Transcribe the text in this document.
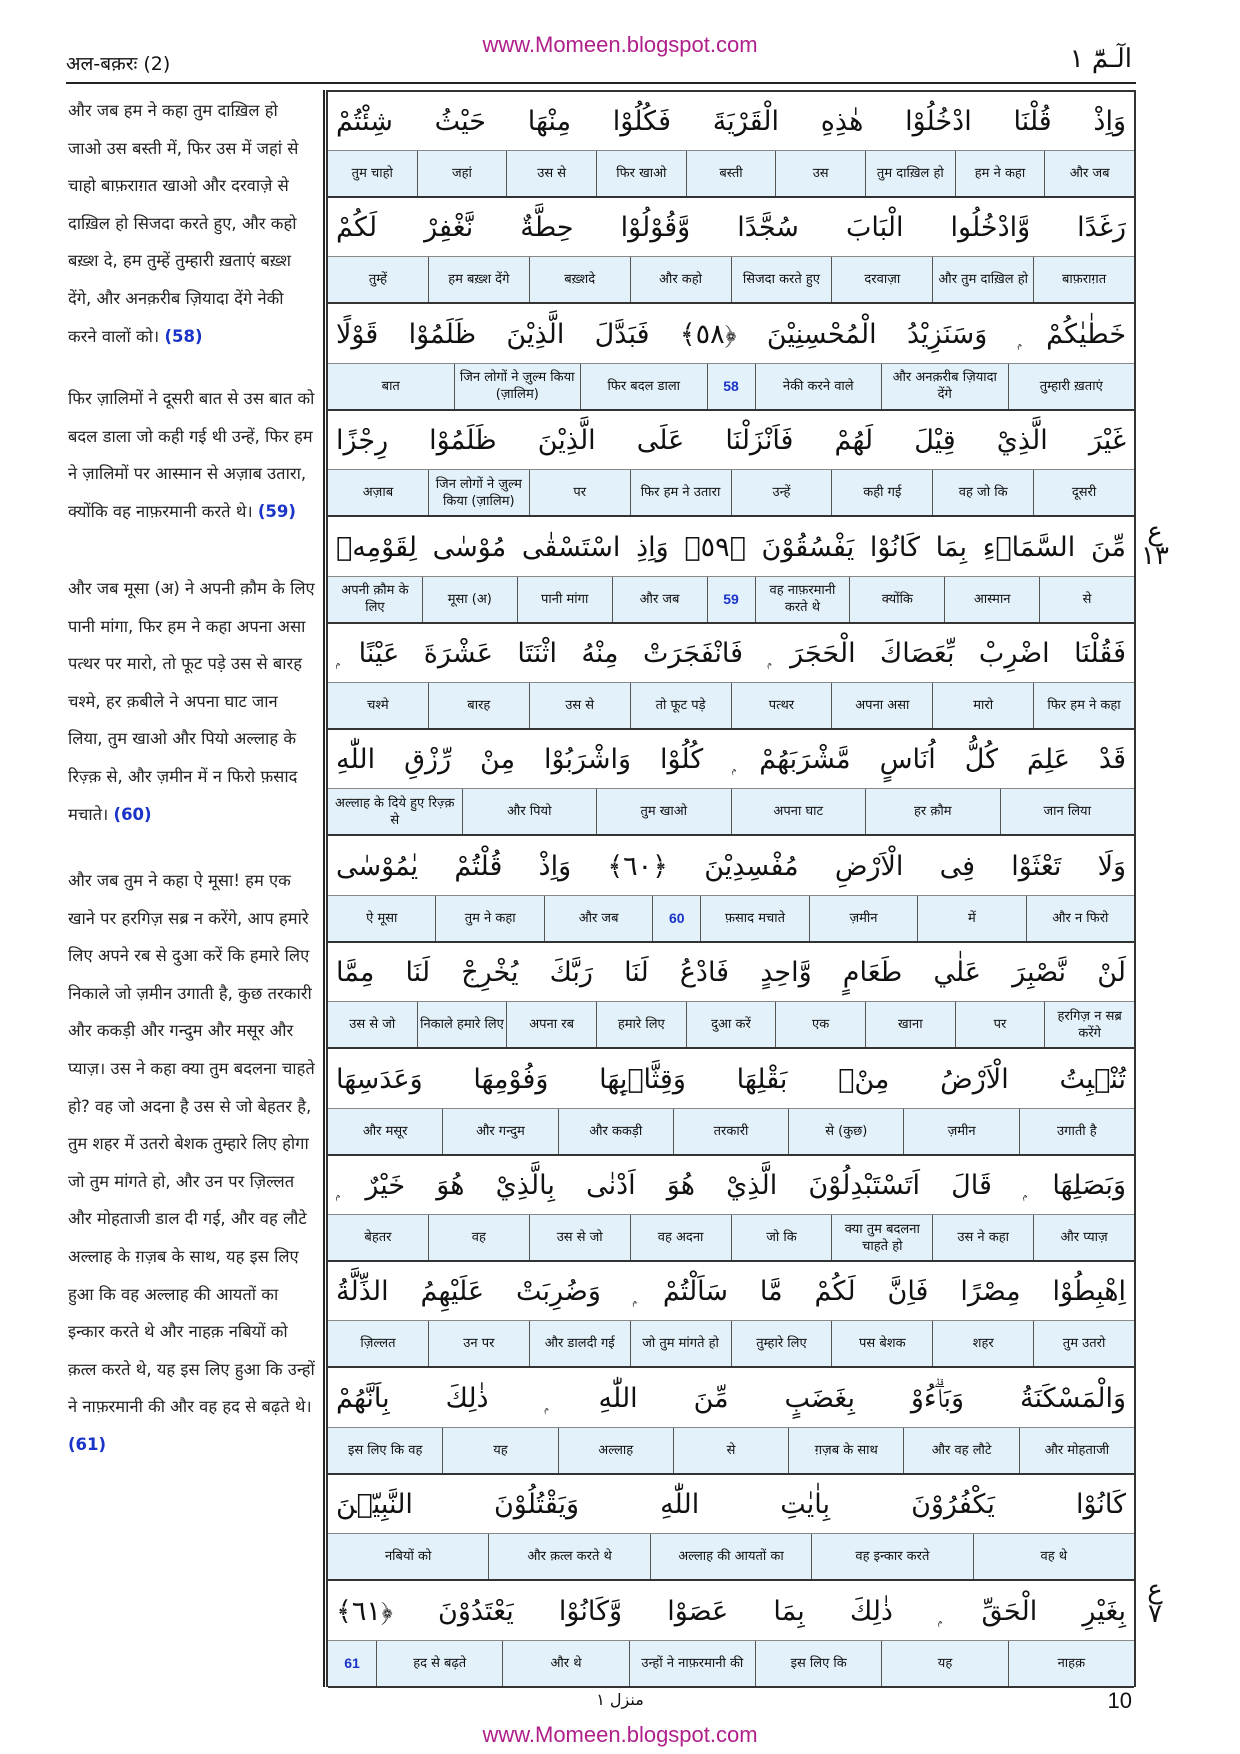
www.Momeen.blogspot.com
अल-बक़रः (2)	الٓـمّٓ ۱
और जब हम ने कहा तुम दाख़िल हो जाओ उस बस्ती में, फिर उस में जहां से चाहो बाफ़राग़त खाओ और दरवाज़े से दाख़िल हो सिजदा करते हुए, और कहो बख़्श दे, हम तुम्हें तुम्हारी ख़ताएं बख़्श देंगे, और अनक़रीब ज़ियादा देंगे नेकी करने वालों को। (58)
फिर ज़ालिमों ने दूसरी बात से उस बात को बदल डाला जो कही गई थी उन्हें, फिर हम ने ज़ालिमों पर आस्मान से अज़ाब उतारा, क्योंकि वह नाफ़रमानी करते थे। (59)
और जब मूसा (अ) ने अपनी क़ौम के लिए पानी मांगा, फिर हम ने कहा अपना असा पत्थर पर मारो, तो फूट पड़े उस से बारह चश्मे, हर क़बीले ने अपना घाट जान लिया, तुम खाओ और पियो अल्लाह के रिज़्क़ से, और ज़मीन में न फिरो फ़साद मचाते। (60)
और जब तुम ने कहा ऐ मूसा! हम एक खाने पर हरगिज़ सब्र न करेंगे, आप हमारे लिए अपने रब से दुआ करें कि हमारे लिए निकाले जो ज़मीन उगाती है, कुछ तरकारी और ककड़ी और गन्दुम और मसूर और प्याज़। उस ने कहा क्या तुम बदलना चाहते हो? वह जो अदना है उस से जो बेहतर है, तुम शहर में उतरो बेशक तुम्हारे लिए होगा जो तुम मांगते हो, और उन पर ज़िल्लत और मोहताजी डाल दी गई, और वह लौटे अल्लाह के ग़ज़ब के साथ, यह इस लिए हुआ कि वह अल्लाह की आयतों का इन्कार करते थे और नाहक़ नबियों को क़त्ल करते थे, यह इस लिए हुआ कि उन्हों ने नाफ़रमानी की और वह हद से बढ़ते थे। (61)
وَاِذْ قُلْنَا ادْخُلُوْا هٰذِهِ الْقَرْيَةَ فَكُلُوْا مِنْهَا حَيْثُ شِئْتُمْ
और जब
हम ने कहा
तुम दाख़िल हो
उस
बस्ती
फिर खाओ
उस से
जहां
तुम चाहो
رَغَدًا وَّادْخُلُوا الْبَابَ سُجَّدًا وَّقُوْلُوْا حِطَّةٌ نَّغْفِرْ لَكُمْ
बाफ़राग़त
और तुम दाख़िल हो
दरवाज़ा
सिजदा करते हुए
और कहो
बख़्शदे
हम बख़्श देंगे
तुम्हें
خَطٰيٰكُمْ ۭ وَسَنَزِيْدُ الْمُحْسِنِيْنَ ﴿٥٨﴾ فَبَدَّلَ الَّذِيْنَ ظَلَمُوْا قَوْلًا
तुम्हारी ख़ताएं
और अनक़रीब ज़ियादा देंगे
नेकी करने वाले
58
फिर बदल डाला
जिन लोगों ने ज़ुल्म किया (ज़ालिम)
बात
غَيْرَ الَّذِيْ قِيْلَ لَهُمْ فَاَنْزَلْنَا عَلَى الَّذِيْنَ ظَلَمُوْا رِجْزًا
दूसरी
वह जो कि
कही गई
उन्हें
फिर हम ने उतारा
पर
जिन लोगों ने ज़ुल्म किया (ज़ालिम)
अज़ाब
مِّنَ السَّمَاۗءِ بِمَا كَانُوْا يَفْسُقُوْنَ ﴿٥٩﴾ وَاِذِ اسْتَسْقٰى مُوْسٰى لِقَوْمِهٖ
से
आस्मान
क्योंकि
वह नाफ़रमानी करते थे
59
और जब
पानी मांगा
मूसा (अ)
अपनी क़ौम के लिए
فَقُلْنَا اضْرِبْ بِّعَصَاكَ الْحَجَرَ ۭ فَانْفَجَرَتْ مِنْهُ اثْنَتَا عَشْرَةَ عَيْنًا ۭ
फिर हम ने कहा
मारो
अपना असा
पत्थर
तो फूट पड़े
उस से
बारह
चश्मे
قَدْ عَلِمَ كُلُّ اُنَاسٍ مَّشْرَبَهُمْ ۭ كُلُوْا وَاشْرَبُوْا مِنْ رِّزْقِ اللّٰهِ
जान लिया
हर क़ौम
अपना घाट
तुम खाओ
और पियो
अल्लाह के दिये हुए रिज़्क़ से
وَلَا تَعْثَوْا فِى الْاَرْضِ مُفْسِدِيْنَ ﴿٦٠﴾ وَاِذْ قُلْتُمْ يٰمُوْسٰى
और न फिरो
में
ज़मीन
फ़साद मचाते
60
और जब
तुम ने कहा
ऐ मूसा
لَنْ نَّصْبِرَ عَلٰي طَعَامٍ وَّاحِدٍ فَادْعُ لَنَا رَبَّكَ يُخْرِجْ لَنَا مِمَّا
हरगिज़ न सब्र करेंगे
पर
खाना
एक
दुआ करें
हमारे लिए
अपना रब
निकाले हमारे लिए
उस से जो
تُنْۢبِتُ الْاَرْضُ مِنْۢ بَقْلِهَا وَقِثَّاۗىِٕهَا وَفُوْمِهَا وَعَدَسِهَا
उगाती है
ज़मीन
से (कुछ)
तरकारी
और ककड़ी
और गन्दुम
और मसूर
وَبَصَلِهَا ۭ قَالَ اَتَسْتَبْدِلُوْنَ الَّذِيْ هُوَ اَدْنٰى بِالَّذِيْ هُوَ خَيْرٌ ۭ
और प्याज़
उस ने कहा
क्या तुम बदलना चाहते हो
जो कि
वह अदना
उस से जो
वह
बेहतर
اِهْبِطُوْا مِصْرًا فَاِنَّ لَكُمْ مَّا سَاَلْتُمْ ۭ وَضُرِبَتْ عَلَيْهِمُ الذِّلَّةُ
तुम उतरो
शहर
पस बेशक
तुम्हारे लिए
जो तुम मांगते हो
और डालदी गई
उन पर
ज़िल्लत
وَالْمَسْكَنَةُ وَبَاۗءُوْ بِغَضَبٍ مِّنَ اللّٰهِ ۭ ذٰلِكَ بِاَنَّهُمْ
और मोहताजी
और वह लौटे
ग़ज़ब के साथ
से
अल्लाह
यह
इस लिए कि वह
كَانُوْا يَكْفُرُوْنَ بِاٰيٰتِ اللّٰهِ وَيَقْتُلُوْنَ النَّبِيّٖنَ
वह थे
वह इन्कार करते
अल्लाह की आयतों का
और क़त्ल करते थे
नबियों को
بِغَيْرِ الْحَقِّ ۭ ذٰلِكَ بِمَا عَصَوْا وَّكَانُوْا يَعْتَدُوْنَ ﴿٦١﴾
नाहक़
यह
इस लिए कि
उन्हों ने नाफ़रमानी की
और थे
हद से बढ़ते
61
ع ۱۳
ع ۷
منزل ۱	10
www.Momeen.blogspot.com
